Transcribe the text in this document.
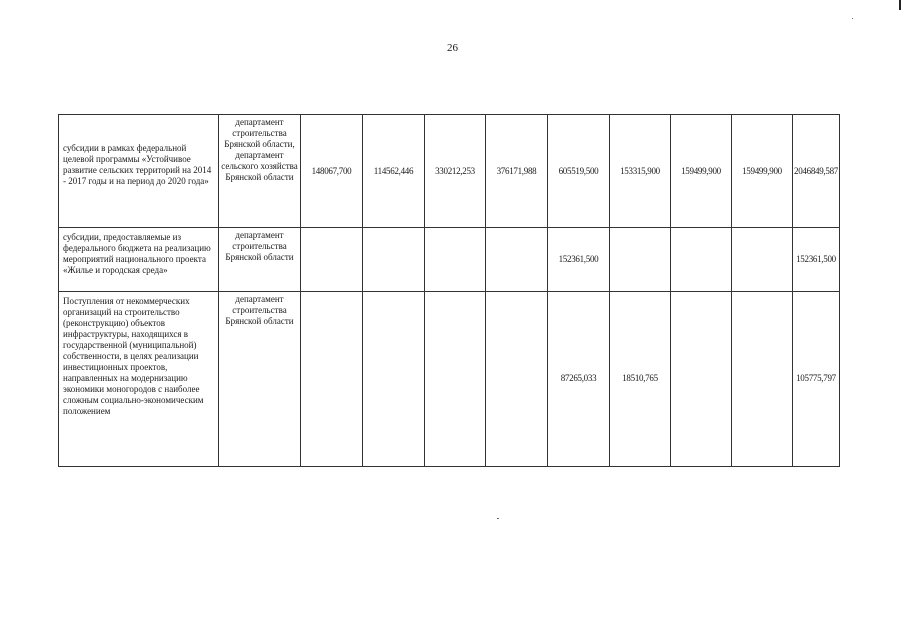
26
субсидии в рамках федеральной целевой программы «Устойчивое развитие сельских территорий на 2014 - 2017 годы и на период до 2020 года»	департамент строительства Брянской области, департамент сельского хозяйства Брянской области	148067,700	114562,446	330212,253	376171,988	605519,500	153315,900	159499,900	159499,900	2046849,587
субсидии, предоставляемые из федерального бюджета на реализацию мероприятий национального проекта «Жилье и городская среда»	департамент строительства Брянской области					152361,500				152361,500
Поступления от некоммерческих организаций на строительство (реконструкцию) объектов инфраструктуры, находящихся в государственной (муниципальной) собственности, в целях реализации инвестиционных проектов, направленных на модернизацию экономики моногородов с наиболее сложным социально-экономическим положением	департамент строительства Брянской области					87265,033	18510,765			105775,797
